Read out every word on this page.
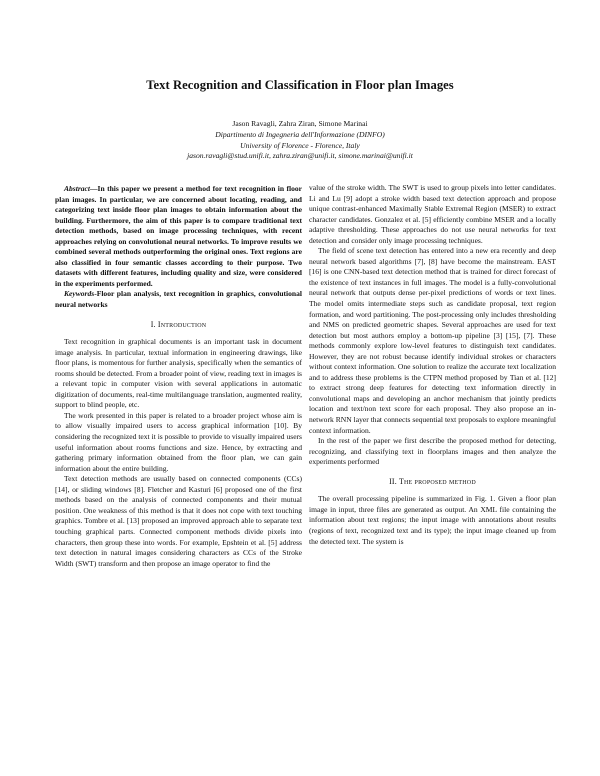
Text Recognition and Classification in Floor plan Images
Jason Ravagli, Zahra Ziran, Simone Marinai
Dipartimento di Ingegneria dell'Informazione (DINFO)
University of Florence - Florence, Italy
jason.ravagli@stud.unifi.it, zahra.ziran@unifi.it, simone.marinai@unifi.it

Abstract—In this paper we present a method for text recognition in floor plan images. In particular, we are concerned about locating, reading, and categorizing text inside floor plan images to obtain information about the building. Furthermore, the aim of this paper is to compare traditional text detection methods, based on image processing techniques, with recent approaches relying on convolutional neural networks. To improve results we combined several methods outperforming the original ones. Text regions are also classified in four semantic classes according to their purpose. Two datasets with different features, including quality and size, were considered in the experiments performed.

Keywords-Floor plan analysis, text recognition in graphics, convolutional neural networks

I. Introduction

Text recognition in graphical documents is an important task in document image analysis. In particular, textual information in engineering drawings, like floor plans, is momentous for further analysis, specifically when the semantics of rooms should be detected. From a broader point of view, reading text in images is a relevant topic in computer vision with several applications in automatic digitization of documents, real-time multilanguage translation, augmented reality, support to blind people, etc.

The work presented in this paper is related to a broader project whose aim is to allow visually impaired users to access graphical information [10]. By considering the recognized text it is possible to provide to visually impaired users useful information about rooms functions and size. Hence, by extracting and gathering primary information obtained from the floor plan, we can gain information about the entire building.

Text detection methods are usually based on connected components (CCs) [14], or sliding windows [8]. Fletcher and Kasturi [6] proposed one of the first methods based on the analysis of connected components and their mutual position. One weakness of this method is that it does not cope with text touching graphics. Tombre et al. [13] proposed an improved approach able to separate text touching graphical parts. Connected component methods divide pixels into characters, then group these into words. For example, Epshtein et al. [5] address text detection in natural images considering characters as CCs of the Stroke Width (SWT) transform and then propose an image operator to find the

value of the stroke width. The SWT is used to group pixels into letter candidates. Li and Lu [9] adopt a stroke width based text detection approach and propose unique contrast-enhanced Maximally Stable Extremal Region (MSER) to extract character candidates. Gonzalez et al. [5] efficiently combine MSER and a locally adaptive thresholding. These approaches do not use neural networks for text detection and consider only image processing techniques.

The field of scene text detection has entered into a new era recently and deep neural network based algorithms [7], [8] have become the mainstream. EAST [16] is one CNN-based text detection method that is trained for direct forecast of the existence of text instances in full images. The model is a fully-convolutional neural network that outputs dense per-pixel predictions of words or text lines. The model omits intermediate steps such as candidate proposal, text region formation, and word partitioning. The post-processing only includes thresholding and NMS on predicted geometric shapes. Several approaches are used for text detection but most authors employ a bottom-up pipeline [3] [15], [7]. These methods commonly explore low-level features to distinguish text candidates. However, they are not robust because identify individual strokes or characters without context information. One solution to realize the accurate text localization and to address these problems is the CTPN method proposed by Tian et al. [12] to extract strong deep features for detecting text information directly in convolutional maps and developing an anchor mechanism that jointly predicts location and text/non text score for each proposal. They also propose an in-network RNN layer that connects sequential text proposals to explore meaningful context information.

In the rest of the paper we first describe the proposed method for detecting, recognizing, and classifying text in floorplans images and then analyze the experiments performed

II. The proposed method

The overall processing pipeline is summarized in Fig. 1. Given a floor plan image in input, three files are generated as output. An XML file containing the information about text regions; the input image with annotations about results (regions of text, recognized text and its type); the input image cleaned up from the detected text. The system is
